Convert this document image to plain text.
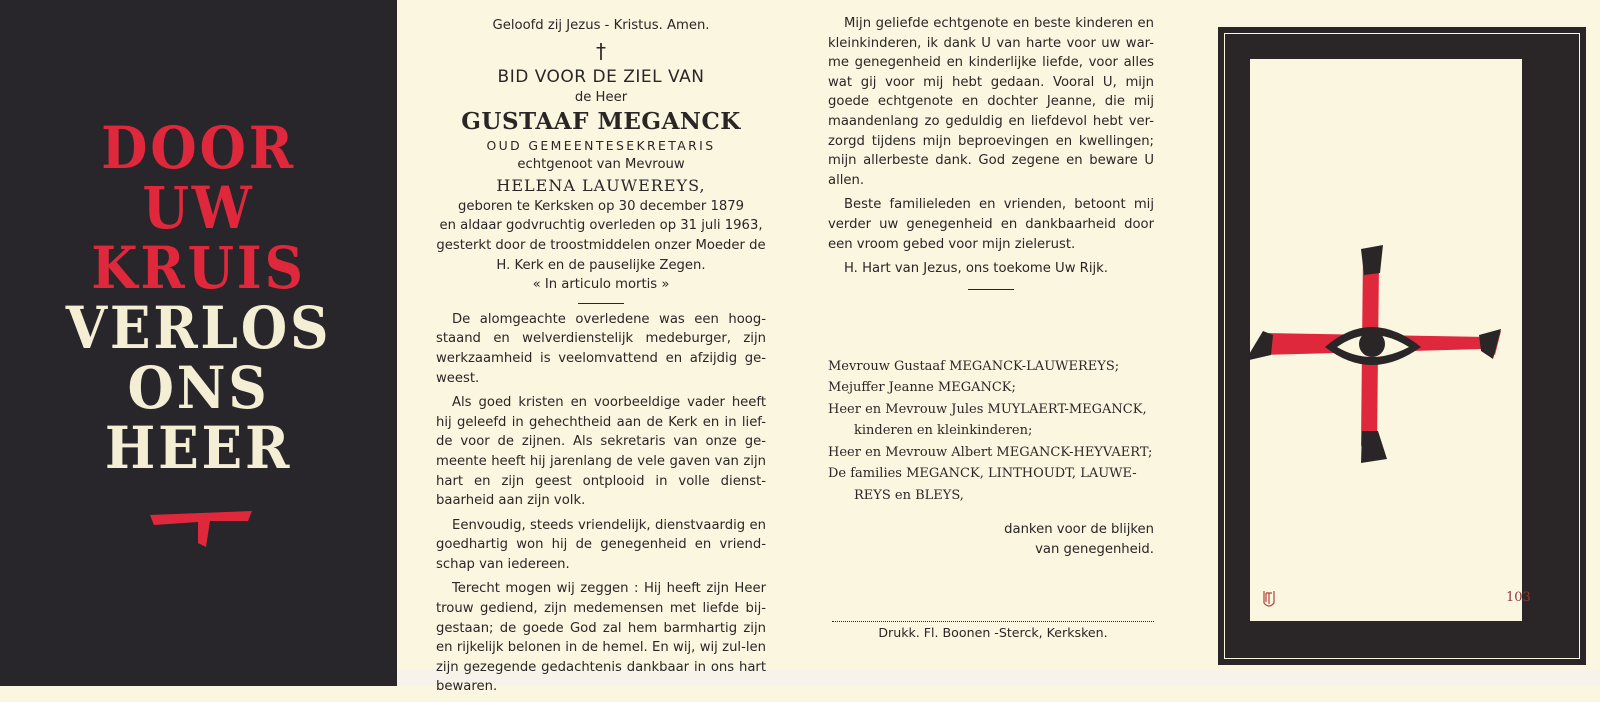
DOOR
UW
KRUIS
VERLOS
ONS
HEER
Geloofd zij Jezus - Kristus. Amen.
†
BID VOOR DE ZIEL VAN
de Heer
GUSTAAF MEGANCK
OUD GEMEENTESEKRETARIS
echtgenoot van Mevrouw
HELENA LAUWEREYS,
geboren te Kerksken op 30 december 1879
en aldaar godvruchtig overleden op 31 juli 1963,
gesterkt door de troostmiddelen onzer Moeder de
H. Kerk en de pauselijke Zegen.
« In articulo mortis »

De alomgeachte overledene was een hoog-staand en welverdienstelijk medeburger, zijn werkzaamheid is veelomvattend en afzijdig ge-weest.

Als goed kristen en voorbeeldige vader heeft hij geleefd in gehechtheid aan de Kerk en in lief-de voor de zijnen. Als sekretaris van onze ge-meente heeft hij jarenlang de vele gaven van zijn hart en zijn geest ontplooid in volle dienst-baarheid aan zijn volk.

Eenvoudig, steeds vriendelijk, dienstvaardig en goedhartig won hij de genegenheid en vriend-schap van iedereen.

Terecht mogen wij zeggen : Hij heeft zijn Heer trouw gediend, zijn medemensen met liefde bij-gestaan; de goede God zal hem barmhartig zijn en rijkelijk belonen in de hemel. En wij, wij zul-len zijn gezegende gedachtenis dankbaar in ons hart bewaren.

Mijn geliefde echtgenote en beste kinderen en kleinkinderen, ik dank U van harte voor uw war-me genegenheid en kinderlijke liefde, voor alles wat gij voor mij hebt gedaan. Vooral U, mijn goede echtgenote en dochter Jeanne, die mij maandenlang zo geduldig en liefdevol hebt ver-zorgd tijdens mijn beproevingen en kwellingen; mijn allerbeste dank. God zegene en beware U allen.

Beste familieleden en vrienden, betoont mij verder uw genegenheid en dankbaarheid door een vroom gebed voor mijn zielerust.

H. Hart van Jezus, ons toekome Uw Rijk.

Mevrouw Gustaaf MEGANCK-LAUWEREYS;
Mejuffer Jeanne MEGANCK;
Heer en Mevrouw Jules MUYLAERT-MEGANCK,
kinderen en kleinkinderen;
Heer en Mevrouw Albert MEGANCK-HEYVAERT;
De families MEGANCK, LINTHOUDT, LAUWE-
REYS en BLEYS,
danken voor de blijken
van genegenheid.
Drukk. Fl. Boonen -Sterck, Kerksken.
103
